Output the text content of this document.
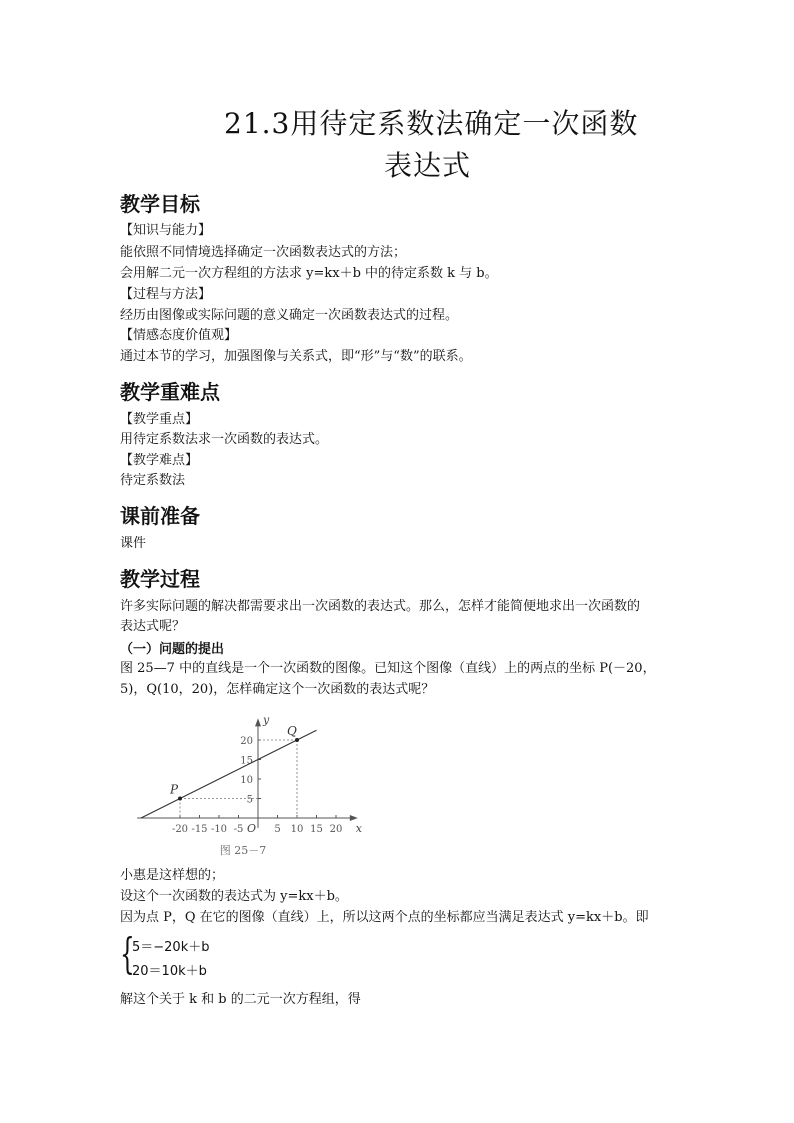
21.3用待定系数法确定一次函数
表达式
教学目标
【知识与能力】
能依照不同情境选择确定一次函数表达式的方法；
会用解二元一次方程组的方法求 y=kx＋b 中的待定系数 k 与 b。
【过程与方法】
经历由图像或实际问题的意义确定一次函数表达式的过程。
【情感态度价值观】
通过本节的学习，加强图像与关系式，即“形”与“数”的联系。
教学重难点
【教学重点】
用待定系数法求一次函数的表达式。
【教学难点】
待定系数法
课前准备
课件
教学过程
许多实际问题的解决都需要求出一次函数的表达式。那么，怎样才能简便地求出一次函数的
表达式呢？
（一）问题的提出
图 25—7 中的直线是一个一次函数的图像。已知这个图像（直线）上的两点的坐标 P(－20，
5)，Q(10，20)，怎样确定这个一次函数的表达式呢？
x
y
O
-20 -15 -10 -5	5 10 15 20
5
10
15
20
P
Q
图 25－7
小惠是这样想的；
设这个一次函数的表达式为 y=kx＋b。
因为点 P，Q 在它的图像（直线）上，所以这两个点的坐标都应当满足表达式 y=kx＋b。即
{
5＝−20k＋b
20＝10k＋b
解这个关于 k 和 b 的二元一次方程组，得
